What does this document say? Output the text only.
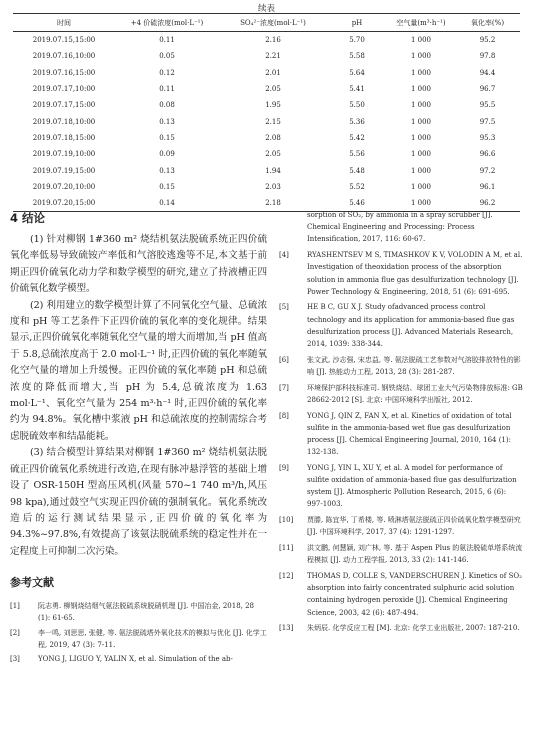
续表
时间	+4 价硫浓度(mol·L⁻¹)	SO₄²⁻浓度(mol·L⁻¹)	pH	空气量(m³·h⁻¹)	氧化率(%)
2019.07.15,15:00	0.11	2.16	5.70	1 000	95.2
2019.07.16,10:00	0.05	2.21	5.58	1 000	97.8
2019.07.16,15:00	0.12	2.01	5.64	1 000	94.4
2019.07.17,10:00	0.11	2.05	5.41	1 000	96.7
2019.07.17,15:00	0.08	1.95	5.50	1 000	95.5
2019.07.18,10:00	0.13	2.15	5.36	1 000	97.5
2019.07.18,15:00	0.15	2.08	5.42	1 000	95.3
2019.07.19,10:00	0.09	2.05	5.56	1 000	96.6
2019.07.19,15:00	0.13	1.94	5.48	1 000	97.2
2019.07.20,10:00	0.15	2.03	5.52	1 000	96.1
2019.07.20,15:00	0.14	2.18	5.46	1 000	96.2
4 结论

(1) 针对柳钢 1#360 m² 烧结机氨法脱硫系统正四价硫氧化率低易导致硫铵产率低和气溶胶逃逸等不足,本文基于前期正四价硫氧化动力学和数学模型的研究,建立了持液槽正四价硫氧化数学模型。

(2) 利用建立的数学模型计算了不同氧化空气量、总硫浓度和 pH 等工艺条件下正四价硫的氧化率的变化规律。结果显示,正四价硫氧化率随氧化空气量的增大而增加,当 pH 值高于 5.8,总硫浓度高于 2.0 mol·L⁻¹ 时,正四价硫的氧化率随氧化空气量的增加上升缓慢。正四价硫的氧化率随 pH 和总硫浓度的降低而增大,当 pH 为 5.4,总硫浓度为 1.63 mol·L⁻¹、氧化空气量为 254 m³·h⁻¹ 时,正四价硫的氧化率约为 94.8%。氧化槽中浆液 pH 和总硫浓度的控制需综合考虑脱硫效率和结晶能耗。

(3) 结合模型计算结果对柳钢 1#360 m² 烧结机氨法脱硫正四价硫氧化系统进行改造,在现有脉冲悬浮管的基础上增设了 OSR-150H 型高压风机(风量 570~1 740 m³/h,风压 98 kpa),通过鼓空气实现正四价硫的强制氧化。氧化系统改造后的运行测试结果显示,正四价硫的氧化率为 94.3%~97.8%,有效提高了该氨法脱硫系统的稳定性并在一定程度上可抑制二次污染。

参考文献
[1]	阮志勇. 柳钢烧结烟气氨法脱硫系统脱硝机理 [J]. 中国冶金, 2018, 28 (1): 61-65.
[2]	李一鸣, 刘思思, 张健, 等. 氨法脱硫塔外氧化技术的模拟与优化 [J]. 化学工程, 2019, 47 (3): 7-11.
[3]	YONG J, LIGUO Y, YALIN X, et al. Simulation of the ab-
sorption of SO₂, by ammonia in a spray scrubber [J]. Chemical Engineering and Processing: Process Intensification, 2017, 116: 60-67.
[4]	RYASHENTSEV M S, TIMASHKOV K V, VOLODIN A M, et al. Investigation of theoxidation process of the absorption solution in ammonia flue gas desulfurization technology [J]. Power Technology & Engineering, 2018, 51 (6): 691-695.
[5]	HE B C, GU X J. Study ofadvanced process control technology and its application for ammonia-based flue gas desulfurization process [J]. Advanced Materials Research, 2014, 1039: 338-344.
[6]	张文武, 沙志强, 宋忠益, 等. 氨法脱硫工艺参数对气溶胶排放特性的影响 [J]. 热能动力工程, 2013, 28 (3): 281-287.
[7]	环境保护部科技标准司. 钢铁烧结、球团工业大气污染物排放标准: GB 28662-2012 [S]. 北京: 中国环境科学出版社, 2012.
[8]	YONG J, QIN Z, FAN X, et al. Kinetics of oxidation of total sulfite in the ammonia-based wet flue gas desulfurization process [J]. Chemical Engineering Journal, 2010, 164 (1): 132-138.
[9]	YONG J, YIN L, XU Y, et al. A model for performance of sulfite oxidation of ammonia-based flue gas desulfurization system [J]. Atmospheric Pollution Research, 2015, 6 (6): 997-1003.
[10]	贾滕, 陈宜华, 丁希楼, 等. 喷淋塔氨法脱硫正四价硫氧化数学模型研究 [J]. 中国环境科学, 2017, 37 (4): 1291-1297.
[11]	洪文鹏, 何慧颖, 刘广林, 等. 基于 Aspen Plus 的氨法脱硫单塔系统流程模拟 [J]. 动力工程学报, 2013, 33 (2): 141-146.
[12]	THOMAS D, COLLE S, VANDERSCHUREN J. Kinetics of SO₂ absorption into fairly concentrated sulphuric acid solution containing hydrogen peroxide [J]. Chemical Engineering Science, 2003, 42 (6): 487-494.
[13]	朱炳辰. 化学反应工程 [M]. 北京: 化学工业出版社, 2007: 187-210.
